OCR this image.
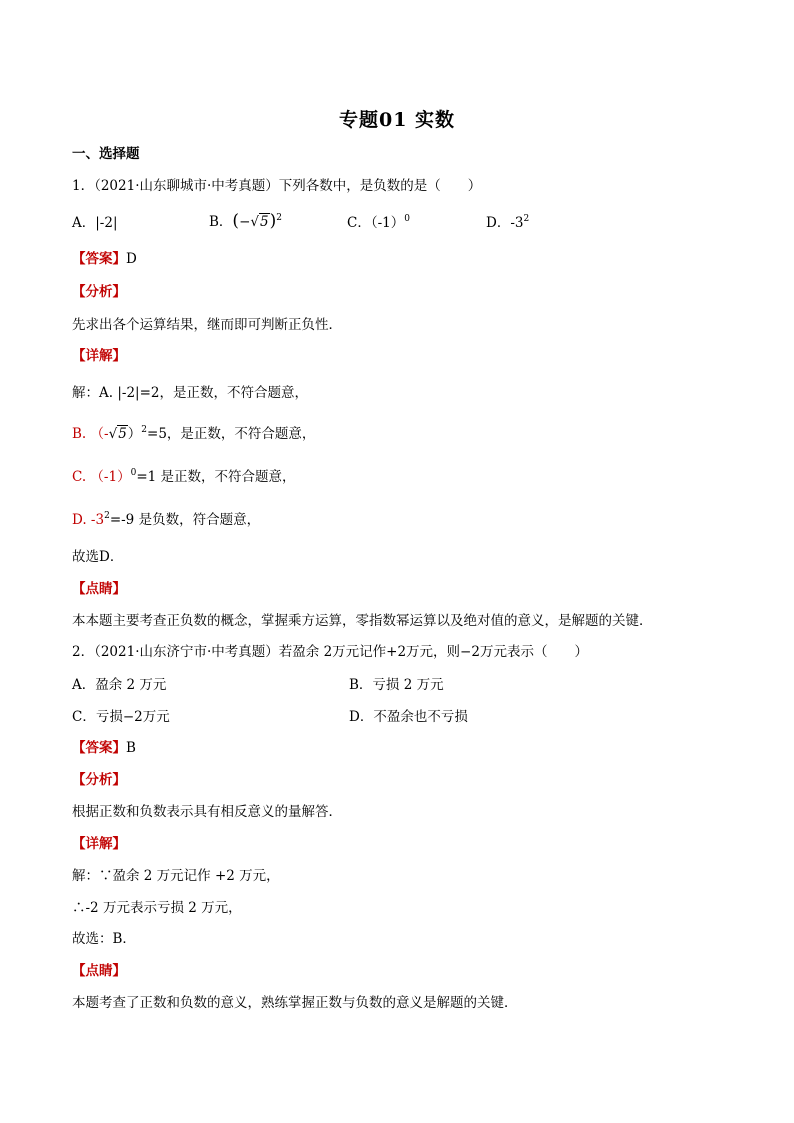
专题01 实数
一、选择题
1．（2021·山东聊城市·中考真题）下列各数中，是负数的是（　　）
A．|-2|	B．$(-√5)^2$	C．$(-1)^0$	D．$-3^2$
【答案】D
【分析】
先求出各个运算结果，继而即可判断正负性．
【详解】
解：A. |-2|=2，是正数，不符合题意，
B. $(-√5)^2=5$，是正数，不符合题意，
C. $(-1)^0=1$ 是正数，不符合题意，
D. $-3^2=-9$ 是负数，符合题意，
故选D．
【点睛】
本本题主要考查正负数的概念，掌握乘方运算，零指数幂运算以及绝对值的意义，是解题的关键．
2．（2021·山东济宁市·中考真题）若盈余 2万元记作+2万元，则−2万元表示（　　）
A．盈余 2 万元	B．亏损 2 万元
C．亏损−2万元	D．不盈余也不亏损
【答案】B
【分析】
根据正数和负数表示具有相反意义的量解答．
【详解】
解：∵盈余 2 万元记作 +2 万元，
∴-2 万元表示亏损 2 万元，
故选：B．
【点睛】
本题考查了正数和负数的意义，熟练掌握正数与负数的意义是解题的关键．
